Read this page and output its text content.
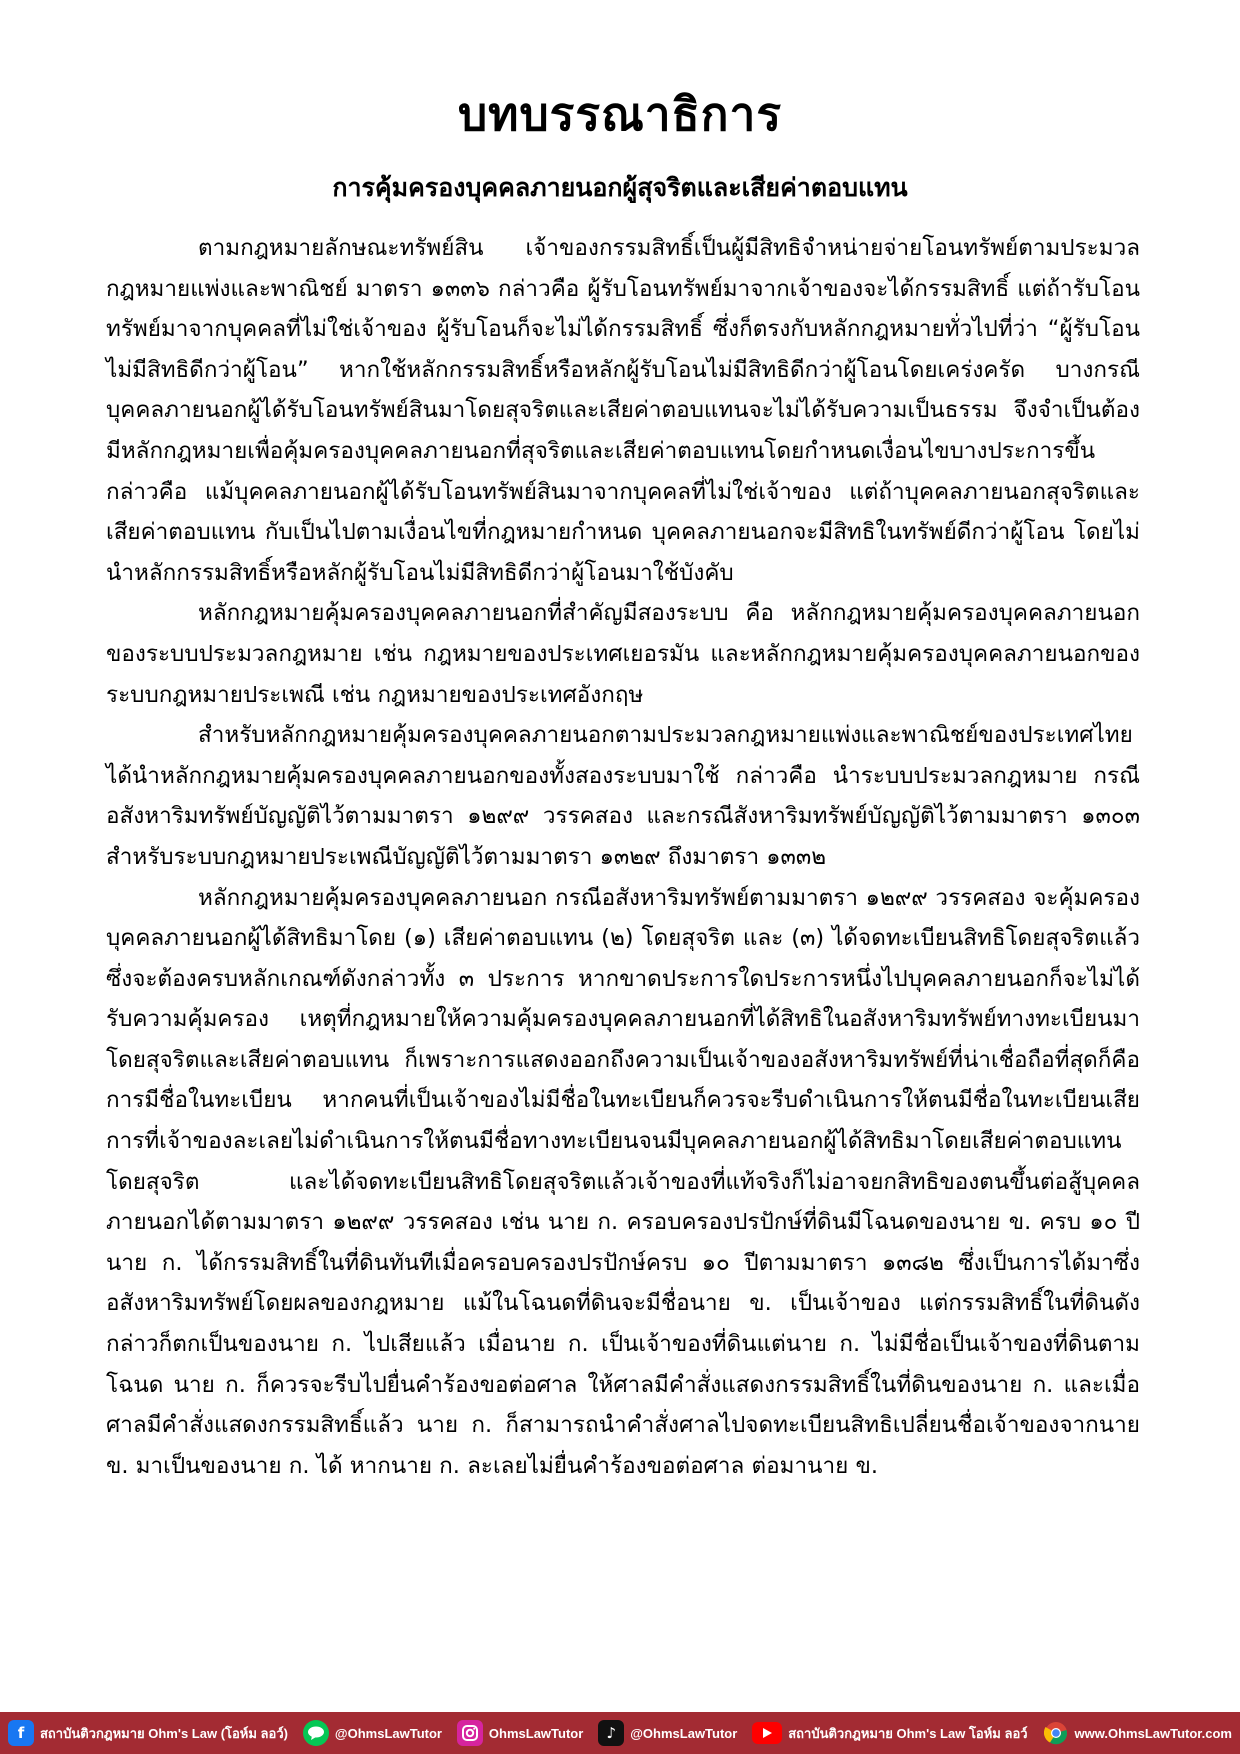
บทบรรณาธิการ
การคุ้มครองบุคคลภายนอกผู้สุจริตและเสียค่าตอบแทน

ตามกฎหมายลักษณะทรัพย์สิน เจ้าของกรรมสิทธิ์เป็นผู้มีสิทธิจำหน่ายจ่ายโอนทรัพย์ตามประมวลกฎหมายแพ่งและพาณิชย์ มาตรา ๑๓๓๖ กล่าวคือ ผู้รับโอนทรัพย์มาจากเจ้าของจะได้กรรมสิทธิ์ แต่ถ้ารับโอนทรัพย์มาจากบุคคลที่ไม่ใช่เจ้าของ ผู้รับโอนก็จะไม่ได้กรรมสิทธิ์ ซึ่งก็ตรงกับหลักกฎหมายทั่วไปที่ว่า “ผู้รับโอนไม่มีสิทธิดีกว่าผู้โอน” หากใช้หลักกรรมสิทธิ์หรือหลักผู้รับโอนไม่มีสิทธิดีกว่าผู้โอนโดยเคร่งครัด บางกรณีบุคคลภายนอกผู้ได้รับโอนทรัพย์สินมาโดยสุจริตและเสียค่าตอบแทนจะไม่ได้รับความเป็นธรรม จึงจำเป็นต้องมีหลักกฎหมายเพื่อคุ้มครองบุคคลภายนอกที่สุจริตและเสียค่าตอบแทนโดยกำหนดเงื่อนไขบางประการขึ้น กล่าวคือ แม้บุคคลภายนอกผู้ได้รับโอนทรัพย์สินมาจากบุคคลที่ไม่ใช่เจ้าของ แต่ถ้าบุคคลภายนอกสุจริตและเสียค่าตอบแทน กับเป็นไปตามเงื่อนไขที่กฎหมายกำหนด บุคคลภายนอกจะมีสิทธิในทรัพย์ดีกว่าผู้โอน โดยไม่นำหลักกรรมสิทธิ์หรือหลักผู้รับโอนไม่มีสิทธิดีกว่าผู้โอนมาใช้บังคับ

หลักกฎหมายคุ้มครองบุคคลภายนอกที่สำคัญมีสองระบบ คือ หลักกฎหมายคุ้มครองบุคคลภายนอกของระบบประมวลกฎหมาย เช่น กฎหมายของประเทศเยอรมัน และหลักกฎหมายคุ้มครองบุคคลภายนอกของระบบกฎหมายประเพณี เช่น กฎหมายของประเทศอังกฤษ

สำหรับหลักกฎหมายคุ้มครองบุคคลภายนอกตามประมวลกฎหมายแพ่งและพาณิชย์ของประเทศไทยได้นำหลักกฎหมายคุ้มครองบุคคลภายนอกของทั้งสองระบบมาใช้ กล่าวคือ นำระบบประมวลกฎหมาย กรณีอสังหาริมทรัพย์บัญญัติไว้ตามมาตรา ๑๒๙๙ วรรคสอง และกรณีสังหาริมทรัพย์บัญญัติไว้ตามมาตรา ๑๓๐๓ สำหรับระบบกฎหมายประเพณีบัญญัติไว้ตามมาตรา ๑๓๒๙ ถึงมาตรา ๑๓๓๒

หลักกฎหมายคุ้มครองบุคคลภายนอก กรณีอสังหาริมทรัพย์ตามมาตรา ๑๒๙๙ วรรคสอง จะคุ้มครองบุคคลภายนอกผู้ได้สิทธิมาโดย (๑) เสียค่าตอบแทน (๒) โดยสุจริต และ (๓) ได้จดทะเบียนสิทธิโดยสุจริตแล้ว ซึ่งจะต้องครบหลักเกณฑ์ดังกล่าวทั้ง ๓ ประการ หากขาดประการใดประการหนึ่งไปบุคคลภายนอกก็จะไม่ได้รับความคุ้มครอง เหตุที่กฎหมายให้ความคุ้มครองบุคคลภายนอกที่ได้สิทธิในอสังหาริมทรัพย์ทางทะเบียนมาโดยสุจริตและเสียค่าตอบแทน ก็เพราะการแสดงออกถึงความเป็นเจ้าของอสังหาริมทรัพย์ที่น่าเชื่อถือที่สุดก็คือการมีชื่อในทะเบียน หากคนที่เป็นเจ้าของไม่มีชื่อในทะเบียนก็ควรจะรีบดำเนินการให้ตนมีชื่อในทะเบียนเสีย การที่เจ้าของละเลยไม่ดำเนินการให้ตนมีชื่อทางทะเบียนจนมีบุคคลภายนอกผู้ได้สิทธิมาโดยเสียค่าตอบแทนโดยสุจริต และได้จดทะเบียนสิทธิโดยสุจริตแล้วเจ้าของที่แท้จริงก็ไม่อาจยกสิทธิของตนขึ้นต่อสู้บุคคลภายนอกได้ตามมาตรา ๑๒๙๙ วรรคสอง เช่น นาย ก. ครอบครองปรปักษ์ที่ดินมีโฉนดของนาย ข. ครบ ๑๐ ปี นาย ก. ได้กรรมสิทธิ์ในที่ดินทันทีเมื่อครอบครองปรปักษ์ครบ ๑๐ ปีตามมาตรา ๑๓๘๒ ซึ่งเป็นการได้มาซึ่งอสังหาริมทรัพย์โดยผลของกฎหมาย แม้ในโฉนดที่ดินจะมีชื่อนาย ข. เป็นเจ้าของ แต่กรรมสิทธิ์ในที่ดินดังกล่าวก็ตกเป็นของนาย ก. ไปเสียแล้ว เมื่อนาย ก. เป็นเจ้าของที่ดินแต่นาย ก. ไม่มีชื่อเป็นเจ้าของที่ดินตามโฉนด นาย ก. ก็ควรจะรีบไปยื่นคำร้องขอต่อศาล ให้ศาลมีคำสั่งแสดงกรรมสิทธิ์ในที่ดินของนาย ก. และเมื่อศาลมีคำสั่งแสดงกรรมสิทธิ์แล้ว นาย ก. ก็สามารถนำคำสั่งศาลไปจดทะเบียนสิทธิเปลี่ยนชื่อเจ้าของจากนาย ข. มาเป็นของนาย ก. ได้ หากนาย ก. ละเลยไม่ยื่นคำร้องขอต่อศาล ต่อมานาย ข.

f	สถาบันติวกฎหมาย Ohm's Law (โอห์ม ลอว์)	@OhmsLawTutor	OhmsLawTutor	♪	@OhmsLawTutor	สถาบันติวกฎหมาย Ohm's Law โอห์ม ลอว์	www.OhmsLawTutor.com
